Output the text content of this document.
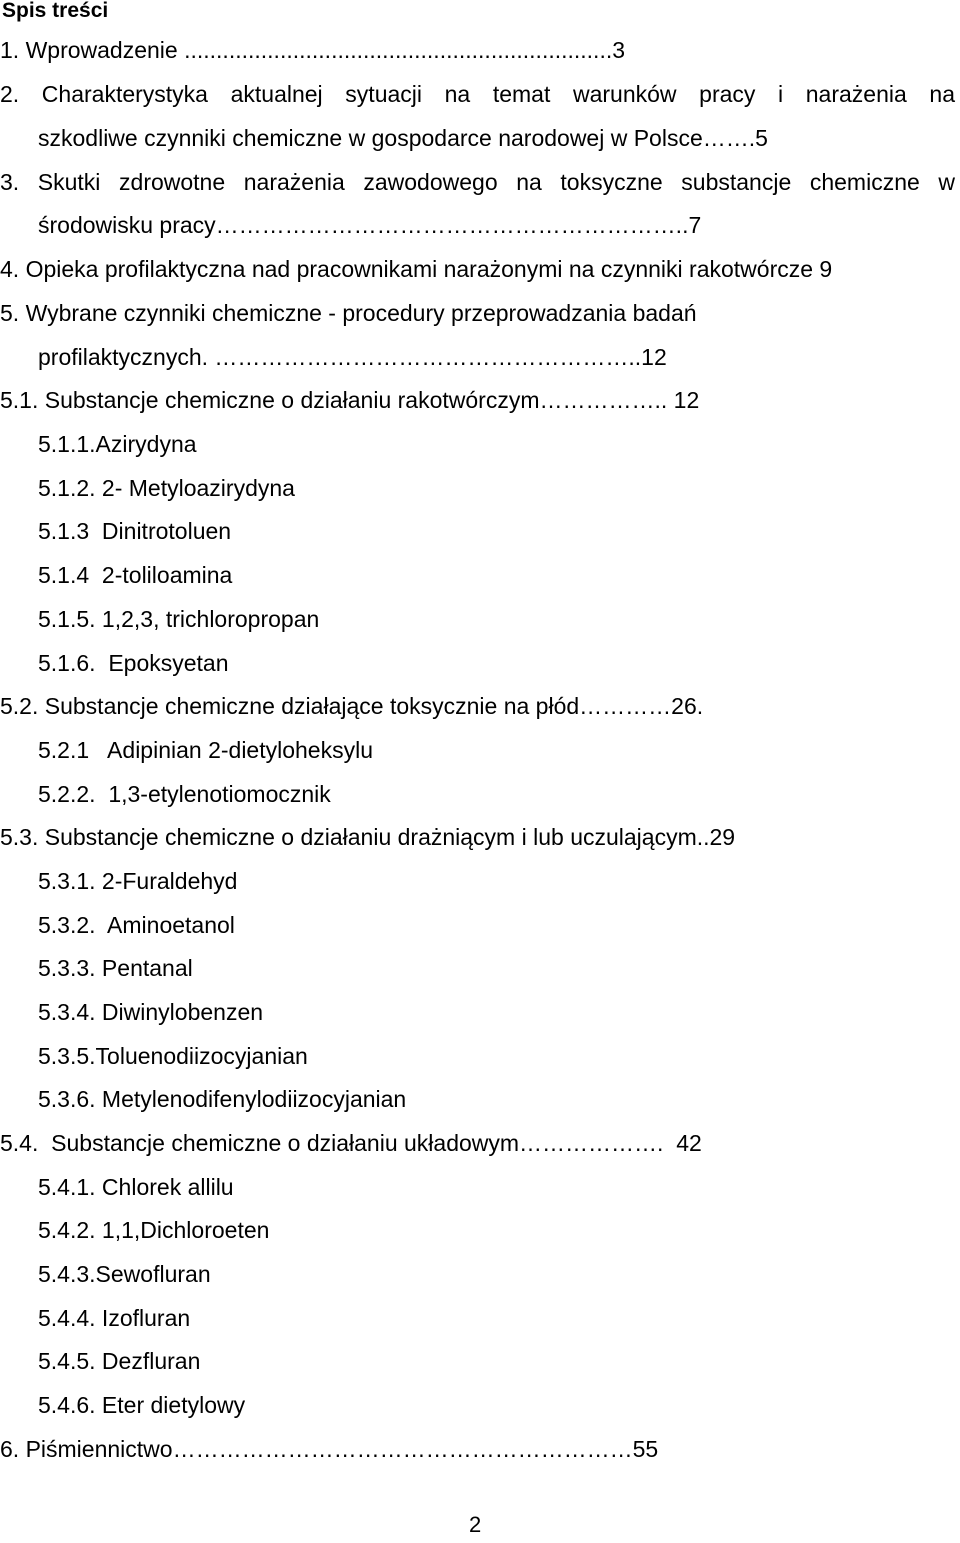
Spis treści
1. Wprowadzenie ...................................................................3
2. Charakterystyka aktualnej sytuacji na temat warunków pracy i narażenia na
szkodliwe czynniki chemiczne w gospodarce narodowej w Polsce…….5
3. Skutki zdrowotne narażenia zawodowego na toksyczne substancje chemiczne w
środowisku pracy……………………………………………………..7
4. Opieka profilaktyczna nad pracownikami narażonymi na czynniki rakotwórcze 9
5. Wybrane czynniki chemiczne - procedury przeprowadzania badań
profilaktycznych. ………………………………………………..12
5.1. Substancje chemiczne o działaniu rakotwórczym…………….. 12
5.1.1.Azirydyna
5.1.2. 2- Metyloazirydyna
5.1.3  Dinitrotoluen
5.1.4  2-toliloamina
5.1.5. 1,2,3, trichloropropan
5.1.6.  Epoksyetan
5.2. Substancje chemiczne działające toksycznie na płód…………26.
5.2.1   Adipinian 2-dietyloheksylu
5.2.2.  1,3-etylenotiomocznik
5.3. Substancje chemiczne o działaniu drażniącym i lub uczulającym..29
5.3.1. 2-Furaldehyd
5.3.2.  Aminoetanol
5.3.3. Pentanal
5.3.4. Diwinylobenzen
5.3.5.Toluenodiizocyjanian
5.3.6. Metylenodifenylodiizocyjanian
5.4.  Substancje chemiczne o działaniu układowym……………….  42
5.4.1. Chlorek allilu
5.4.2. 1,1,Dichloroeten
5.4.3.Sewofluran
5.4.4. Izofluran
5.4.5. Dezfluran
5.4.6. Eter dietylowy
6. Piśmiennictwo……………………………………………………55
2
